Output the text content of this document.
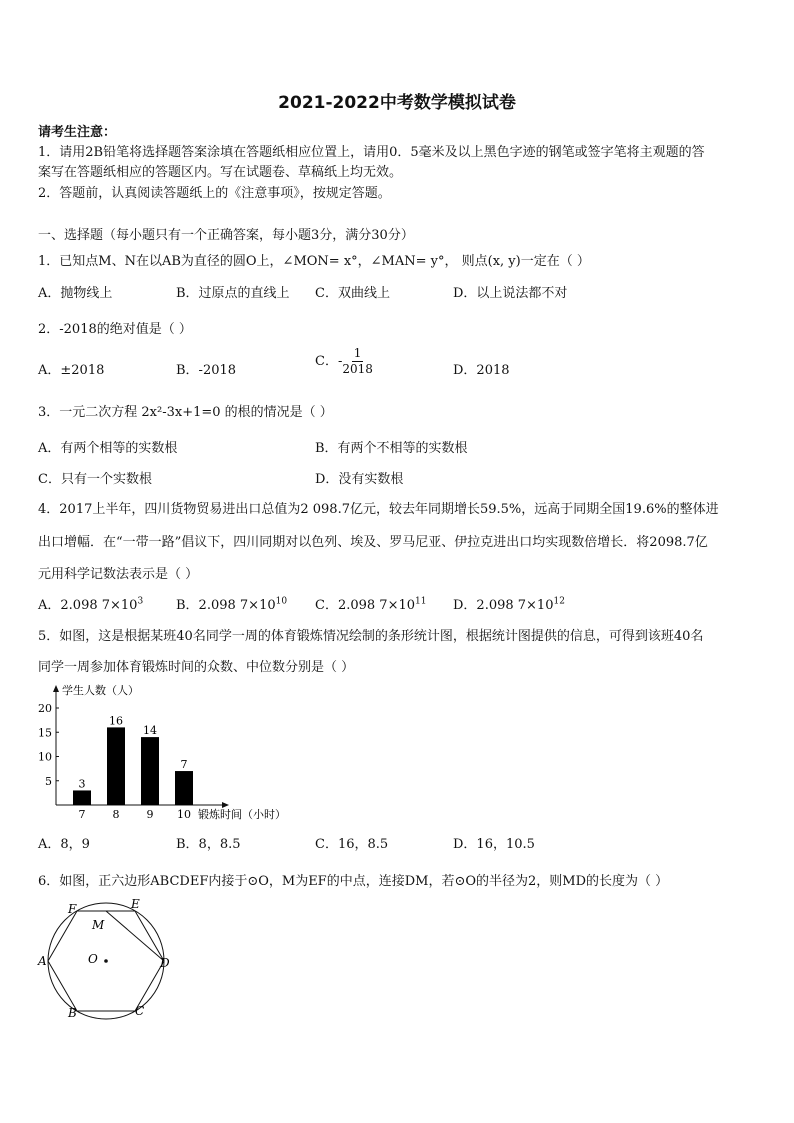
2021-2022中考数学模拟试卷
请考生注意：
1．请用2B铅笔将选择题答案涂填在答题纸相应位置上，请用0．5毫米及以上黑色字迹的钢笔或签字笔将主观题的答
案写在答题纸相应的答题区内。写在试题卷、草稿纸上均无效。
2．答题前，认真阅读答题纸上的《注意事项》，按规定答题。
一、选择题（每小题只有一个正确答案，每小题3分，满分30分）
1．已知点M、N在以AB为直径的圆O上，∠MON= x°，∠MAN= y°， 则点(x, y)一定在（ ）
A．抛物线上	B．过原点的直线上 C．双曲线上	D．以上说法都不对
2．-2018的绝对值是（ ）
A．±2018	B．-2018
C．- $\frac{1}{2018}$	D．2018
3．一元二次方程 2x²-3x+1=0 的根的情况是（ ）
A．有两个相等的实数根	B．有两个不相等的实数根
C．只有一个实数根	D．没有实数根
4．2017上半年，四川货物贸易进出口总值为2 098.7亿元，较去年同期增长59.5%，远高于同期全国19.6%的整体进
出口增幅．在“一带一路”倡议下，四川同期对以色列、埃及、罗马尼亚、伊拉克进出口均实现数倍增长．将2098.7亿
元用科学记数法表示是（ ）
A．2.098 $7\times 10^3$	B．2.098 $7\times 10^{10}$ C．2.098 $7\times 10^{11}$ D．2.098 $7\times 10^{12}$
5．如图，这是根据某班40名同学一周的体育锻炼情况绘制的条形统计图，根据统计图提供的信息，可得到该班40名
同学一周参加体育锻炼时间的众数、中位数分别是（ ）
学生人数（人）
锻炼时间（小时）
5
10
15
20
3
7
16
8
14
9
7
10
A．8，9	B．8，8.5	C．16，8.5	D．16，10.5
6．如图，正六边形ABCDEF内接于⊙O，M为EF的中点，连接DM，若⊙O的半径为2，则MD的长度为（ ）
F	E
M
A	O	D
B	C
